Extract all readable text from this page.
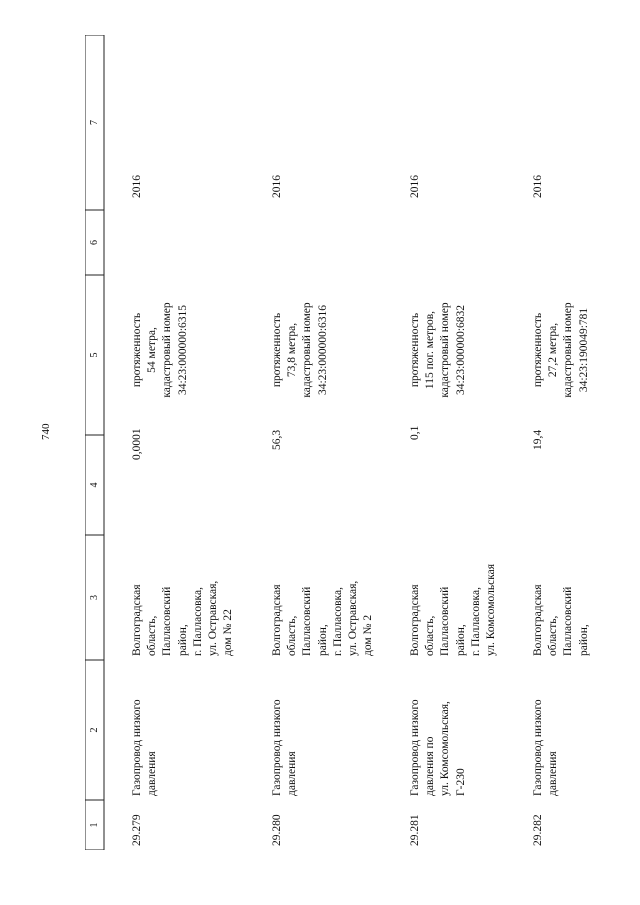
740
1
2
3
4
5
6
7
29.279
Газопровод низкого
давления
Волгоградская
область,
Палласовский
район,
г. Палласовка,
ул. Остравская,
дом № 22
0,0001
протяженность
54 метра,
кадастровый номер
34:23:000000:6315
2016
29.280
Газопровод низкого
давления
Волгоградская
область,
Палласовский
район,
г. Палласовка,
ул. Остравская,
дом № 2
56,3
протяженность
73,8 метра,
кадастровый номер
34:23:000000:6316
2016
29.281
Газопровод низкого
давления по
ул. Комсомольская,
Г-230
Волгоградская
область,
Палласовский
район,
г. Палласовка,
ул. Комсомольская
0,1
протяженность
115 пог. метров,
кадастровый номер
34:23:000000:6832
2016
29.282
Газопровод низкого
давления
Волгоградская
область,
Палласовский
район,
19,4
протяженность
27,2 метра,
кадастровый номер
34:23:190049:781
2016
